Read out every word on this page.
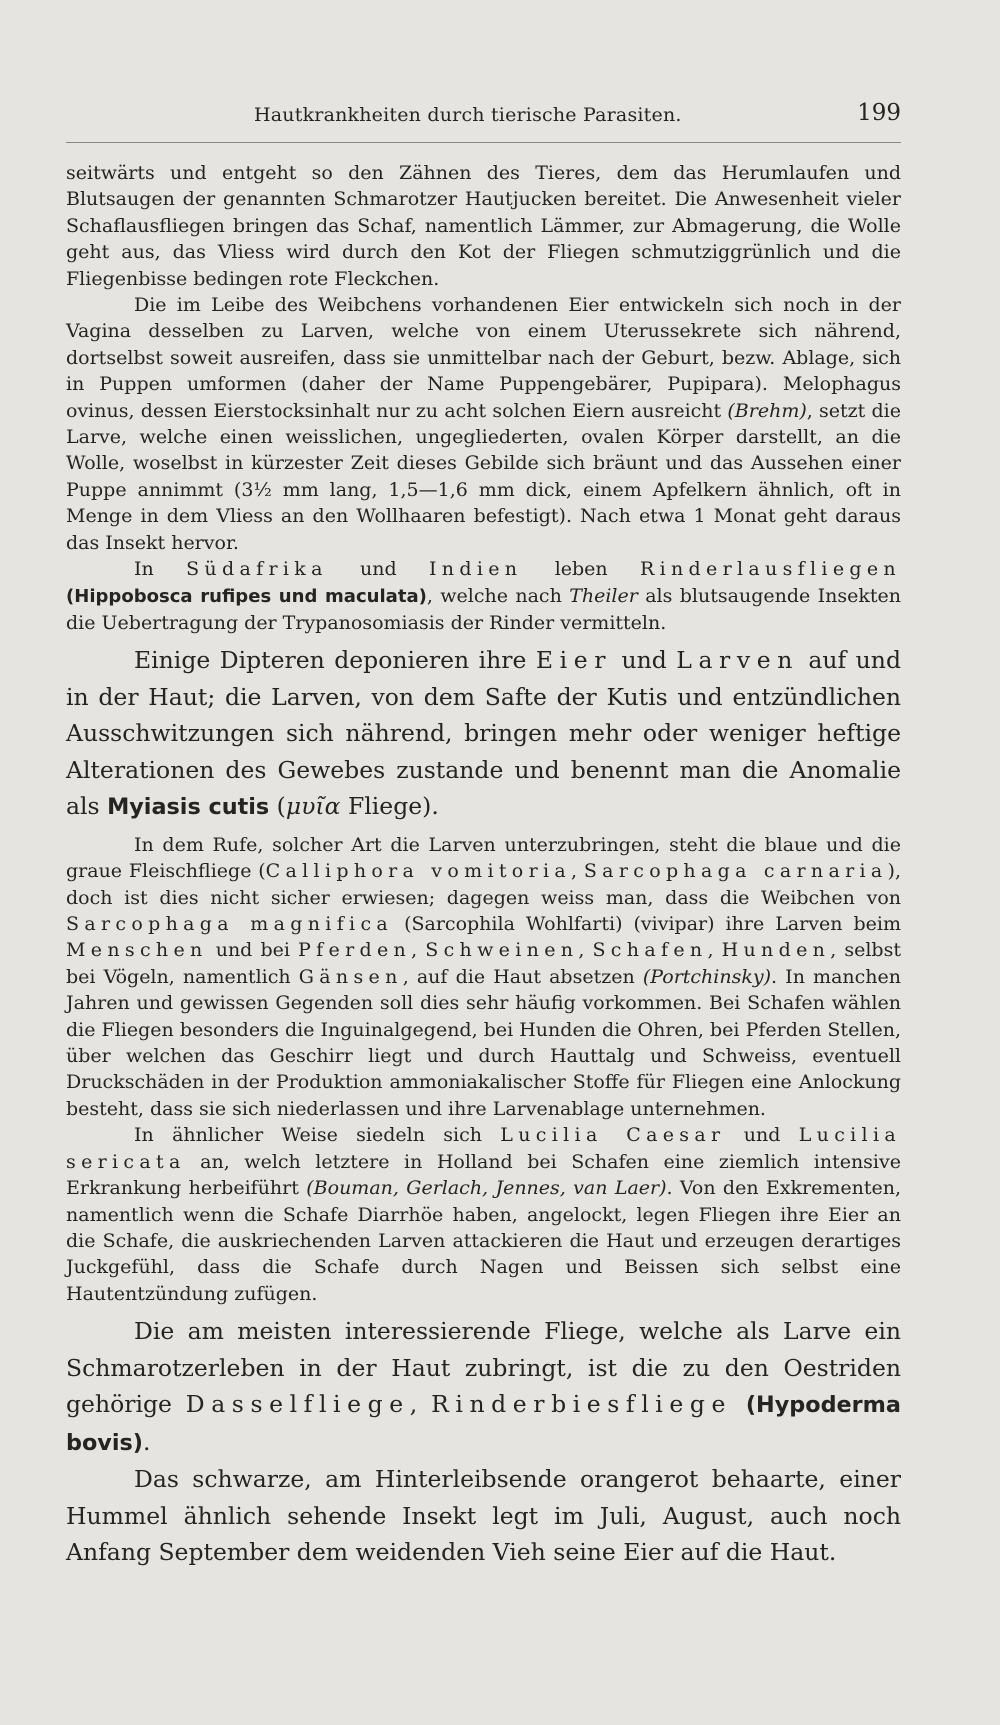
Hautkrankheiten durch tierische Parasiten.	199

seitwärts und entgeht so den Zähnen des Tieres, dem das Herumlaufen und Blutsaugen der genannten Schmarotzer Hautjucken bereitet. Die Anwesenheit vieler Schaflausfliegen bringen das Schaf, namentlich Lämmer, zur Abmagerung, die Wolle geht aus, das Vliess wird durch den Kot der Fliegen schmutziggrünlich und die Fliegenbisse bedingen rote Fleckchen.

Die im Leibe des Weibchens vorhandenen Eier entwickeln sich noch in der Vagina desselben zu Larven, welche von einem Uterussekrete sich nährend, dortselbst soweit ausreifen, dass sie unmittelbar nach der Geburt, bezw. Ablage, sich in Puppen umformen (daher der Name Puppengebärer, Pupipara). Melophagus ovinus, dessen Eierstocksinhalt nur zu acht solchen Eiern ausreicht (Brehm), setzt die Larve, welche einen weisslichen, ungegliederten, ovalen Körper darstellt, an die Wolle, woselbst in kürzester Zeit dieses Gebilde sich bräunt und das Aussehen einer Puppe annimmt (3½ mm lang, 1,5—1,6 mm dick, einem Apfelkern ähnlich, oft in Menge in dem Vliess an den Wollhaaren befestigt). Nach etwa 1 Monat geht daraus das Insekt hervor.

In Südafrika und Indien leben Rinderlausfliegen (Hippobosca rufipes und maculata), welche nach Theiler als blutsaugende Insekten die Uebertragung der Trypanosomiasis der Rinder vermitteln.

Einige Dipteren deponieren ihre Eier und Larven auf und in der Haut; die Larven, von dem Safte der Kutis und entzündlichen Ausschwitzungen sich nährend, bringen mehr oder weniger heftige Alterationen des Gewebes zustande und benennt man die Anomalie als Myiasis cutis (μυῖα Fliege).

In dem Rufe, solcher Art die Larven unterzubringen, steht die blaue und die graue Fleischfliege (Calliphora vomitoria, Sarcophaga carnaria), doch ist dies nicht sicher erwiesen; dagegen weiss man, dass die Weibchen von Sarcophaga magnifica (Sarcophila Wohlfarti) (vivipar) ihre Larven beim Menschen und bei Pferden, Schweinen, Schafen, Hunden, selbst bei Vögeln, namentlich Gänsen, auf die Haut absetzen (Portchinsky). In manchen Jahren und gewissen Gegenden soll dies sehr häufig vorkommen. Bei Schafen wählen die Fliegen besonders die Inguinalgegend, bei Hunden die Ohren, bei Pferden Stellen, über welchen das Geschirr liegt und durch Hauttalg und Schweiss, eventuell Druckschäden in der Produktion ammoniakalischer Stoffe für Fliegen eine Anlockung besteht, dass sie sich niederlassen und ihre Larvenablage unternehmen.

In ähnlicher Weise siedeln sich Lucilia Caesar und Lucilia sericata an, welch letztere in Holland bei Schafen eine ziemlich intensive Erkrankung herbeiführt (Bouman, Gerlach, Jennes, van Laer). Von den Exkrementen, namentlich wenn die Schafe Diarrhöe haben, angelockt, legen Fliegen ihre Eier an die Schafe, die auskriechenden Larven attackieren die Haut und erzeugen derartiges Juckgefühl, dass die Schafe durch Nagen und Beissen sich selbst eine Hautentzündung zufügen.

Die am meisten interessierende Fliege, welche als Larve ein Schmarotzerleben in der Haut zubringt, ist die zu den Oestriden gehörige Dasselfliege, Rinderbiesfliege (Hypoderma bovis).

Das schwarze, am Hinterleibsende orangerot behaarte, einer Hummel ähnlich sehende Insekt legt im Juli, August, auch noch Anfang September dem weidenden Vieh seine Eier auf die Haut.
